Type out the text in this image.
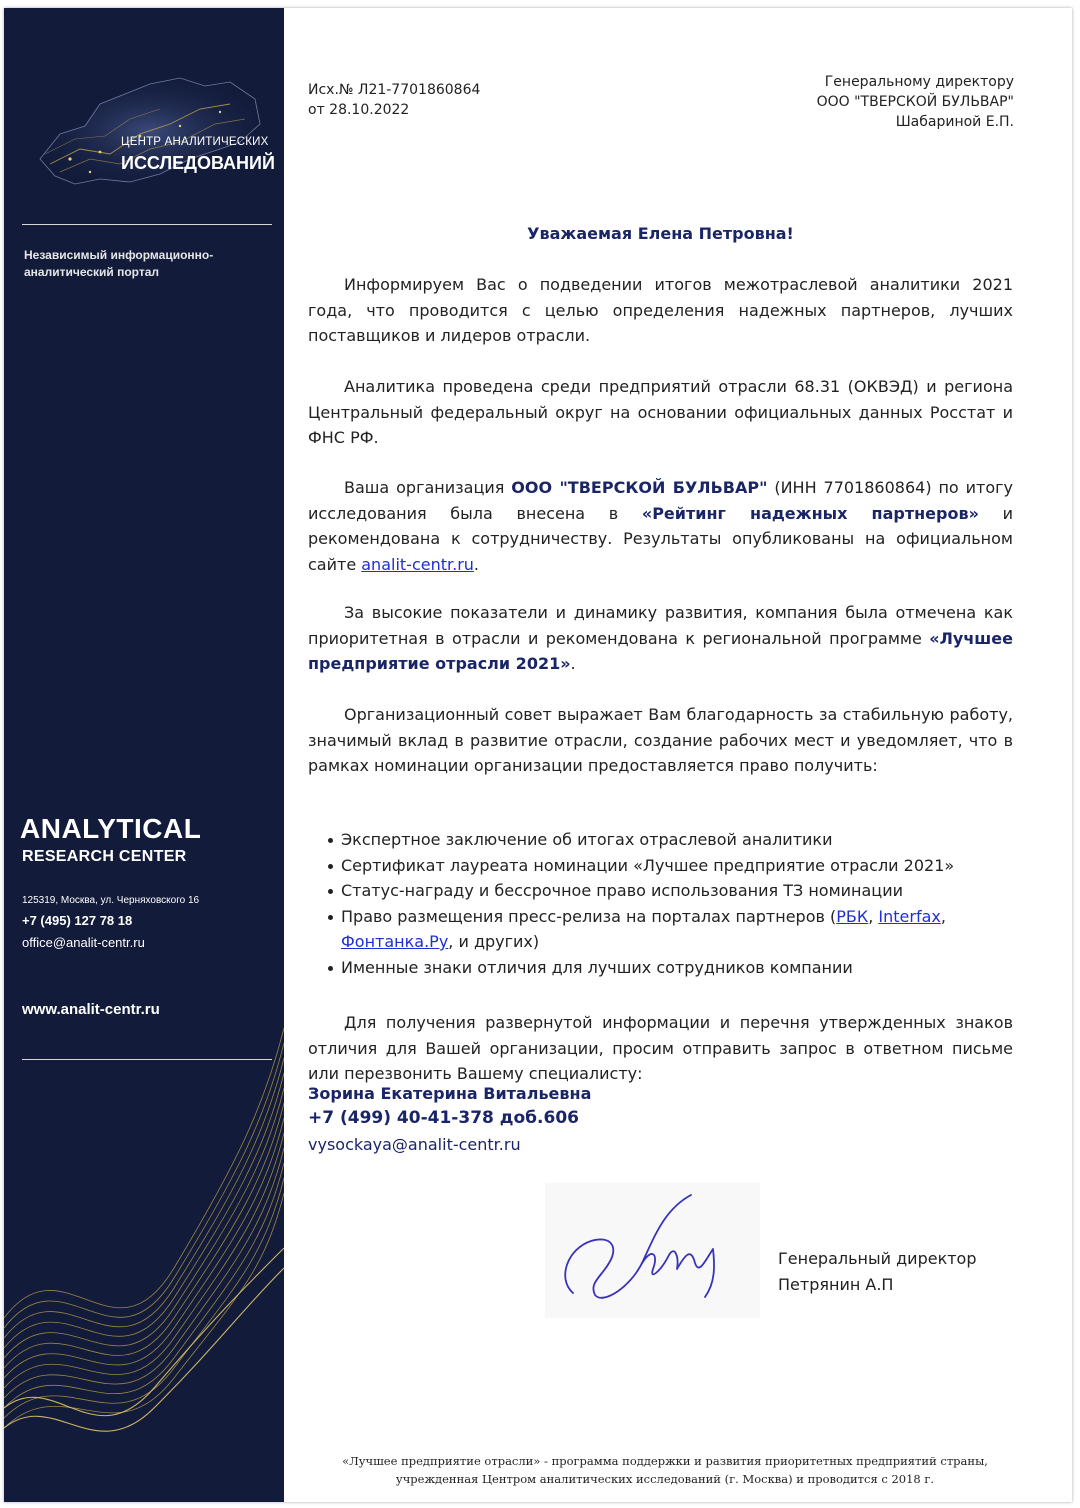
ЦЕНТР АНАЛИТИЧЕСКИХ
ИССЛЕДОВАНИЙ
Независимый информационно-
аналитический портал
ANALYTICAL
RESEARCH CENTER
125319, Москва, ул. Черняховского 16
+7 (495) 127 78 18
office@analit-centr.ru
www.analit-centr.ru
Исх.№ Л21-7701860864
от 28.10.2022
Генеральному директору
ООО "ТВЕРСКОЙ БУЛЬВАР"
Шабариной Е.П.
Уважаемая Елена Петровна!
Информируем Вас о подведении итогов межотраслевой аналитики 2021 года, что проводится с целью определения надежных партнеров, лучших поставщиков и лидеров отрасли.
Аналитика проведена среди предприятий отрасли 68.31 (ОКВЭД) и региона Центральный федеральный округ на основании официальных данных Росстат и ФНС РФ.
Ваша организация ООО "ТВЕРСКОЙ БУЛЬВАР" (ИНН 7701860864) по итогу исследования была внесена в «Рейтинг надежных партнеров» и рекомендована к сотрудничеству. Результаты опубликованы на официальном сайте analit-centr.ru.
За высокие показатели и динамику развития, компания была отмечена как приоритетная в отрасли и рекомендована к региональной программе «Лучшее предприятие отрасли 2021».
Организационный совет выражает Вам благодарность за стабильную работу, значимый вклад в развитие отрасли, создание рабочих мест и уведомляет, что в рамках номинации организации предоставляется право получить:
Экспертное заключение об итогах отраслевой аналитики
Сертификат лауреата номинации «Лучшее предприятие отрасли 2021»
Статус-награду и бессрочное право использования ТЗ номинации
Право размещения пресс-релиза на порталах партнеров (РБК, Interfax, Фонтанка.Ру, и других)
Именные знаки отличия для лучших сотрудников компании
Для получения развернутой информации и перечня утвержденных знаков отличия для Вашей организации, просим отправить запрос в ответном письме или перезвонить Вашему специалисту:
Зорина Екатерина Витальевна
+7 (499) 40-41-378 доб.606
vysockaya@analit-centr.ru
Генеральный директор
Петрянин А.П
«Лучшее предприятие отрасли» - программа поддержки и развития приоритетных предприятий страны,
учрежденная Центром аналитических исследований (г. Москва) и проводится с 2018 г.
